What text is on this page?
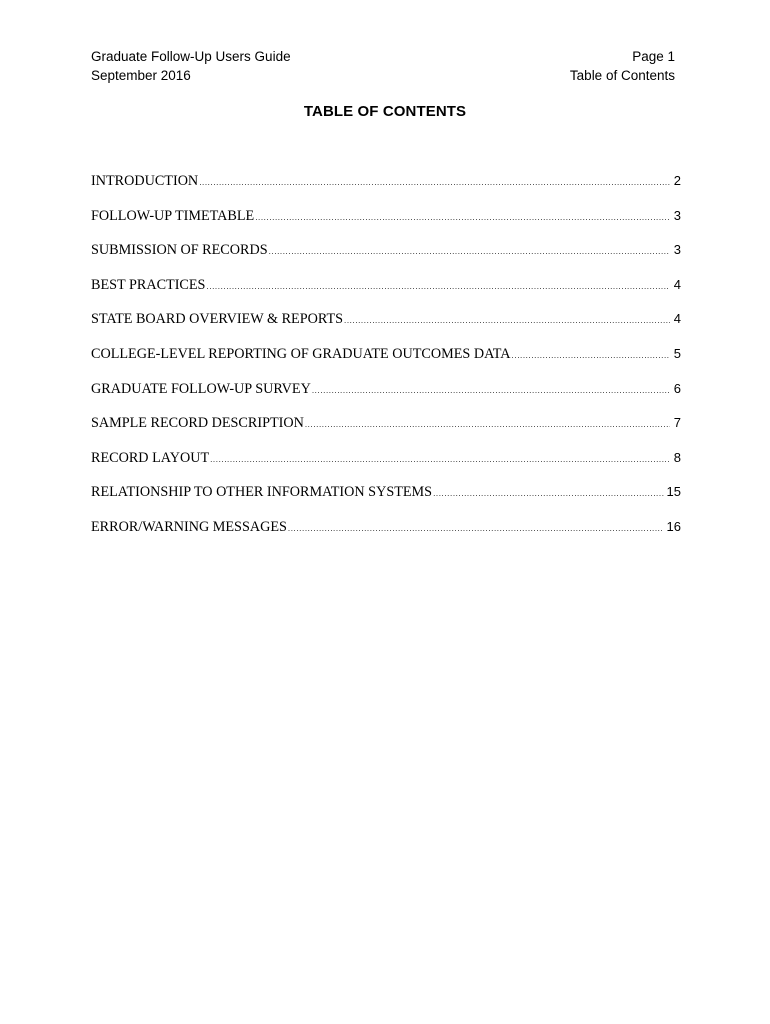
Graduate Follow-Up Users Guide
September 2016
Page 1
Table of Contents
TABLE OF CONTENTS
INTRODUCTION .....	2
FOLLOW-UP TIMETABLE .....	3
SUBMISSION OF RECORDS .....	3
BEST PRACTICES .....	4
STATE BOARD OVERVIEW & REPORTS .....	4
COLLEGE-LEVEL REPORTING OF GRADUATE OUTCOMES DATA .....	5
GRADUATE FOLLOW-UP SURVEY .....	6
SAMPLE RECORD DESCRIPTION .....	7
RECORD LAYOUT .....	8
RELATIONSHIP TO OTHER INFORMATION SYSTEMS .....	15
ERROR/WARNING MESSAGES .....	16
